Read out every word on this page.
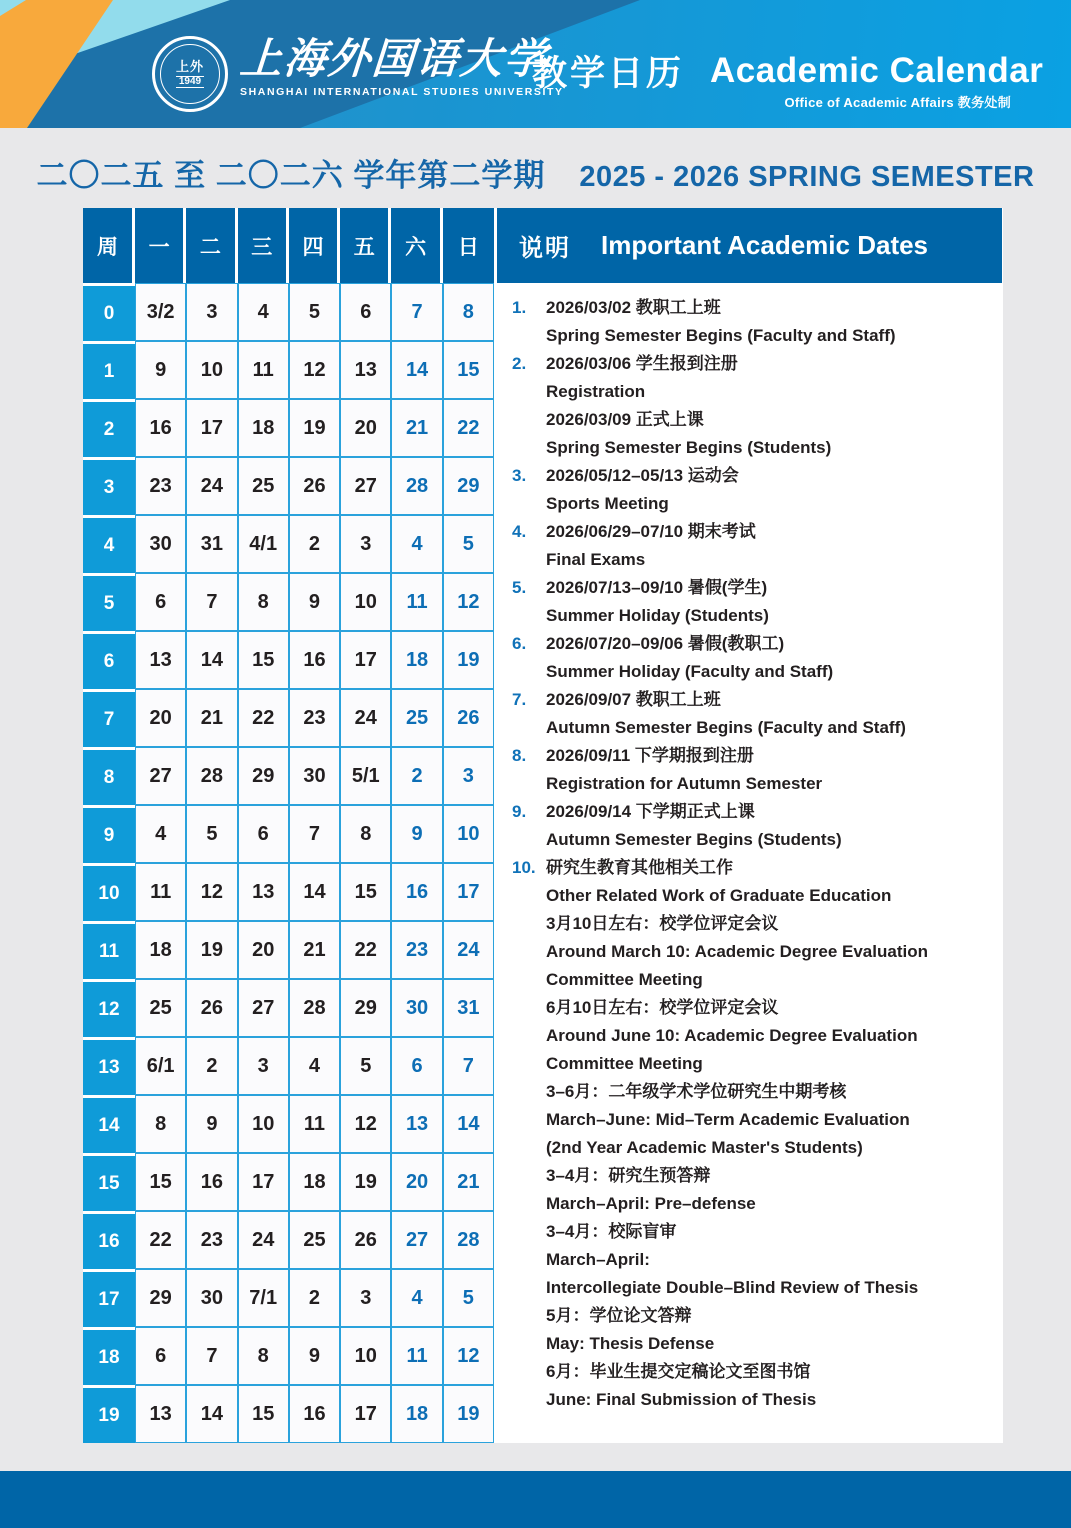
上外
1949 上海外国语大学
SHANGHAI INTERNATIONAL STUDIES UNIVERSITY
教学日历 Academic Calendar
Office of Academic Affairs 教务处制
二〇二五 至 二〇二六 学年第二学期 2025 - 2026 SPRING SEMESTER
周	一	二	三	四	五	六	日
0	3/2	3	4	5	6	7	8
1	9	10	11	12	13	14	15
2	16	17	18	19	20	21	22
3	23	24	25	26	27	28	29
4	30	31	4/1	2	3	4	5
5	6	7	8	9	10	11	12
6	13	14	15	16	17	18	19
7	20	21	22	23	24	25	26
8	27	28	29	30	5/1	2	3
9	4	5	6	7	8	9	10
10	11	12	13	14	15	16	17
11	18	19	20	21	22	23	24
12	25	26	27	28	29	30	31
13	6/1	2	3	4	5	6	7
14	8	9	10	11	12	13	14
15	15	16	17	18	19	20	21
16	22	23	24	25	26	27	28
17	29	30	7/1	2	3	4	5
18	6	7	8	9	10	11	12
19	13	14	15	16	17	18	19
说明 Important Academic Dates
1.	2026/03/02 教职工上班
Spring Semester Begins (Faculty and Staff)
2.	2026/03/06 学生报到注册
Registration
2026/03/09 正式上课
Spring Semester Begins (Students)
3.	2026/05/12–05/13 运动会
Sports Meeting
4.	2026/06/29–07/10 期末考试
Final Exams
5.	2026/07/13–09/10 暑假(学生)
Summer Holiday (Students)
6.	2026/07/20–09/06 暑假(教职工)
Summer Holiday (Faculty and Staff)
7.	2026/09/07 教职工上班
Autumn Semester Begins (Faculty and Staff)
8.	2026/09/11 下学期报到注册
Registration for Autumn Semester
9.	2026/09/14 下学期正式上课
Autumn Semester Begins (Students)
10. 研究生教育其他相关工作
Other Related Work of Graduate Education
3月10日左右：校学位评定会议
Around March 10: Academic Degree Evaluation
Committee Meeting
6月10日左右：校学位评定会议
Around June 10: Academic Degree Evaluation
Committee Meeting
3–6月：二年级学术学位研究生中期考核
March–June: Mid–Term Academic Evaluation
(2nd Year Academic Master's Students)
3–4月：研究生预答辩
March–April: Pre–defense
3–4月：校际盲审
March–April:
Intercollegiate Double–Blind Review of Thesis
5月：学位论文答辩
May: Thesis Defense
6月：毕业生提交定稿论文至图书馆
June: Final Submission of Thesis
